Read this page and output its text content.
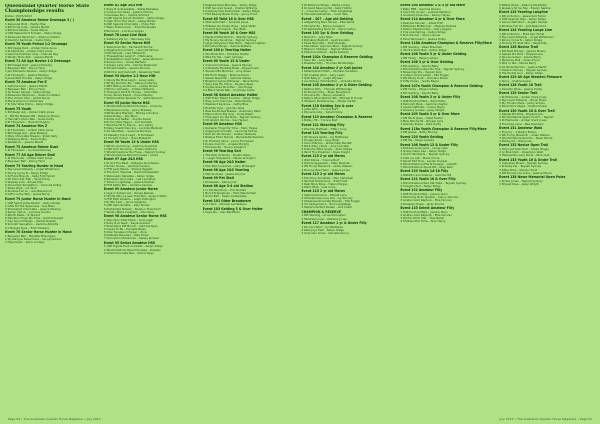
Queensland Quarter Horse State
Championships results
Dates: 18/05/2013
Event 35 Amateur Reiner Drumage 3 ( )
1 Rapunzel Bold – Paddy Hise
2 RN Kinda Cute – Jessica Maritt
3 RN Soul Paleta – Suzie Wilson
4 QSE Peppermint Scream – Kellyn Ridge
5 Pleasured Paramour – Shannon Peters
6 Desinful Sechmaz – Suzie Dolby
Event 76 Youth Period 1:2 Drumage
1 RN Osage Dart – Amber Darie Anna
2 Ri Elements – Amber Clark Jones
3 Gemma Plumber Lady – Frances Day
4 Winbin Pinto Star – Jessica Maritt
Event 71 All Age Novice 1:2 Dressage
1 RN Osage Dart – Jessica Mowrey
2 Bequeen Bell – Ronny Fiore
3 Jeri Elements Pandas – Kellyn Ridge
4 Ri Floraviero – Jessica Mowrey
5 Justa Wild Trouble – Kellyn Ridge
Event 75 Amateur Pre-Z
1 Gemma Gym – Jessica Maritt
2 Bequeen Bell – Ronny Fiore
3 All Tenan Sensat – Kellyn Ridge
4 Pleasured Paramour – Shannon Peters
5 Mon Amour Star – Jackie Burnn
6 Maria Grand Lo Saminave
7 Ri Star Wow Prime – Kellyn Ridge
Event 75 Youth
1 RN Reign Gal – Amber Clark Jones
2 – MR My Mabaar RN – Rebecca Mowry
3 Hannah's Moon Bell – Suzie Dolby
4 Ri Floraviero – Hannah Clayton
Event 74 Amateur Mrs Z
1 Ri Floraviero – Amber Clark Jones
2 RN Osage Gal – Jessi Mawrey
3 Mary Chocolate Breeze – Shiah Kelly
4 Stepping Paint – Suzie Dolby
5 Bellissimo – Jessica Maritt
Event 75 Amateur Reiner Dust
1 Ri Floraviero – Lucinda Moloney
Event 77 All Age Reiner Stall
1 Ri Elements – Amber Clark Jones
2 Bequeen Bell – Ronny Fiore
Event 73 Yearling Hunter in Hand
1 Pay Level N Ready – Angel Williamson
2 Ronny Cyrus N – Kellyn Ridge
3 Arff Ans Brandy – Kelly Fyfe Farrell
4 TP Shun Dat Trail – Tania Purdy
5 Skyway Lola – Rhyaa Ellis
6 Chocolate Temptation – Amanda Ridley
7 Rosie Skye – Liz Yeoh
8 Rookies Full on – Gail Beaumont
9 Gift's Lucky Star – Jackie Burnn
Event 79 Junior Horse Hunter in Hand
1 QSE Speck Jame Rockin – Kellyn Ridge
2 GHG Fill The Spaviness – Ros Blain
3 Shamabyd Chocolate – Jessica Mowrey
4 Raven Ilyrine – Lorraine Gordon
5 RN Mr Dakis – B Tarrant
6 Ramekin Frogs My Time – Rachel Russell
7 Cap Sound Design – Rachel Russell
8 Smooth Sensation – Gemma Abbotts
9 C Breeze Eyes – Trish Drewery
Event 70 Senior Horse Hunter in Hand
1 Bequeen Bell – Nanette Bracinggin
2 My Nangus Nevermore – Sonya Jackson
3 Hyperclear – Kerry Lindsay
Event 81 Age 2&3 HIH
1 Ruby B Unbreakable – Stella Bellaway
2 Colonel Cochaise – Jessica Murray
3 Gunbeee Boy – Sophie Shimiet
4 QSE Spanik Gener Stretach – Kellyn Ridge
5 Cash From The Vault – Lesley Brown
6 QSE Spenda Chocolate – Chloe Fish
7 Mean B Sirencano – Trish Morahaled
8 Buckomo – Lorraine Spigan
Event 78 Lead Line Walk
1 Sabala's Zip by – Hennessy Day
Event 92 Senior Horse HIH
1 Steel Dust Tex – Michael B Storrie
2 Allgaloyds Cormark – Laurinda Farrow
3 Pat Harvest – Lisa Hillsworth
4 Thiseastman Leigh H – Melbulaxe
5 Shisabethen Gigo Sobar – Jesse Winbush
6 Reckon Don – Lionel Barfield
7 Greasy Lady Arts – Sandra Skakovall
8 Tohiwai Hawks – Jessica Monroe
9 RN Pink Golf Ashcraft – Rosemary Walli
Event 93 Novice 1:2 Hour HIH
1 Dandy Be Mine Leigh – Lacey Lake
2 RP My Sixmmc-Pie – Rebecca Murray
3 ZBT Sitting On Broom – Lesley Brown
4 RN Uni Amnesty – Kristen Williams
5 Thousand Dark N Tinnies – Vicki Mills
6 Ivan Tavish Sweat – Ennis Mackey
7 Wildmandher Sparkle TV – Katie Ransom
Event 95 Junior Horse HSS
1 Windmidstone Mila N Knowes – Amanda
2 Bayshaven Gray – Jenny Brawley
3 RN Ninstra Blackall – Mickey Lohnkins
4 Real Ridley – Ros Blain
5 Roots and Rafter – Sophie Kowal
6 Ri Fox Hole Hagen – Lori Dowdell
7 Ranchie Hit to Dance – Ann Ashby
8 Daisy Snazzi Dancing – Lucinda Medinah
9 Ari Senathen – Suzanne Burrows
10 Paiaally Quick Legit – R Terriswell
11 Forsyth Colour – Rose Bridekirk
Event 96 Youth 13 & Under HSS
1 RN On Gumming – Gemma Ansehuts
2 QSE Rich Sunchop – Kristen Williams
3 Windmmestone Tan Fluse – Tegnah Sydney
4 Windmidstone Mila N Knowes – Chloe
Event 97 Age 2&3 HSS
1 Ri Got The Beat – Raliegos Sourdwave
2 Rootin Doozy – Gemma Cauline
3 FTM Lady Name – Sharna Taggart
4 The Rock Imperial – Rachel Rosewater
5 Wannaedo Sabebba – Kellyn Ridge
6 Reindeer Chocolate – Laa Lachlaine
7 Tobacco Lightstep – Jessica Partner
8 FTM Kathe Blin – Gemma Cauline
Event 99 Amateur Junior Horse
1 Iege in Sobennina – Renee Reeves
2 HQ My Ma Luv Gee That Will – Jacalyn Wells
3 FTM Bigh Dreams – Leigh Eddington
4 Ri Win Lady – Jenne Vaughan
5 QSE Spinnachelle – Katy Kinder
6 Pilotamsta Pizzazz – Rosalyn Thornhard
7 Winbin Black Knighted – Ada Henly
Event 98 Amateur Senior Horse HSS
1 Manchien Dhat Stack – Lora Leigh
2 Ruby B Lil Neck – Kayla Ackland
3 Shanstone Ziff Broom – Gemma Ryan
4 Cause To Be – Danielle Baiss
5 Izzie Tunelaen Chipper – Rina
6 Kebbabs Banshee – Peta Howe
7 Dunnyhhn Mowbooks – Kelsey Jackson
Event 95 Select Amateur HSS
1 QSE Frgada Pooki Invester – Kellyn Ridge
2 Windmidstone Mila N Knowes – Rosalyn
3 Chief Chocolate Ban – Sharni Reys
4 Rapheal Rose Blondies – Kellyn Ridge
5 QSE Secured Guest – Kristen Williams
6 Cadimay Oda Koshandse – Kellyn Ridge
7 FTM Beauty Blank Tintip – Jenny Frost
Event 65 Yeild 16 & Over HSS
1 Wild Grits Dart – Amanda Jones
2 Willkeer Ipo Dusky Eyes – Kylie Wells
3 Scarlet Summerse – Ros Blain
Event 86 Youth 16 & Over HSS
1 Mystical Miss Rockin – Tegnah Sydney
2 My Bunny Sunshine – Tegnah Sydney
3 Leigh Hollywood Star Bard – Tegnah Lighten
4 Bim Mock Bingo – Rachel Nuttens
Event 100 Jr Yearling Halter
1 Win Bulls Poll – Christine Hutton
2 Mira For Me – Gem Larrigan
Event 60 Youth 13 & Under
1 Colonel Cochaise – Jessica Murray
2 Interstate Montella Baile – Rhyeal Lace
3 Tsunami Ba Momma – Arny Glass
4 RN Finch Baggs – Brianna Davis
5 Sweet Abedi Mc – Gemma Slakes
6 Bluebird Gyme N Bowser – Rene Parrie
7 Sexy Kiss My Shine – Kaylene Rees
8 Clydes Rose McArthur – Alix Ridge
9 A Black Stella Bell – Courtney Curtis
Event 98 Select Amateur Halter
1 QSE Tobin Breed Fourone – Kellyn Ridge
2 Easy Lurd Cranmoe – Rita Dankes
3 Weekend Keyzone – Cathy Bice
4 Boldiller Kyle – Jennifer Alloa
5 Baw Da Rocket Breeze – Rosemary Walli
6 Manno Rock Bry Ang – Linda Baker
7 Forenegro Do Tee Nuts – Tegnah Sydney
8 CR Jetsom Storrie – Kay Harper
Event 69 Amateur HSS
1 Ramekin Frogs My Time – Mary Hayes
2 Allgaloyds Cormark – Laurinda Farrow
3 Rick Pic Mo Rocker – Kristen Williams
4 Baileys Emm Mauris – Bernadette Reardon
5 Ri Hooking Skins – Jenny Thompson
6 Rooks Cool Pic – Angela Murphy
7 Pinnacle Ep – Ronny Gowland
Event 96 Yearling Sell
1 The Mob at Rocks – Kristen Wasn
2 – Leigh Hollywood – Maree Arrington
Event 98 Age 2&3 Halter
1 Hire Man Inventive – Gary McKalight
Event 98 Age 2&3 Yearling
1 Marcia Aluke – Jessie Amyros
Event 99 Pet Stall
1 Rimaskah – Karmy Jost
Event 68 Age 3-4 old Stallion
1 In Old Red Roos – Eric Burdad
2 Burnt N Speeknes – Trish Wenderhall
3 Ardor Bell – Helen Coatwellew
Event 101 Older Broodmare
1 Al Chiko – Michael Lamskeban
Event 103 Gelding 3 & Over Halter
1 Kaya Pie – Ivan Beckfield
5 Ri Bobshop Wings – Renta J Craig
6 Ri Good Beau Junitiz – Kelly Hutton
7 – A Gensel Ladys – Trish Langlatiqe
8 Thuvaldinistrasmen – Colin Tate
Event – SS7 – Age old Gelding
1 Allsparkling Barn Stolve – Ellie Raoul
2 Pinnacle Ep – Benny Gowland
3 Ri Rabbesting Buck Sir – Mace Cotton
Event 103 1yr & Over Gelding
1 Bolis Pin – Lesy Nilan
2 Rickaboy Bigbullt – Leah Sanders
3 ELeis Boonaha – Trish Moseley
4 Manhattan Ligh Gos Bled – Tegnah Sydney
5 Beijia In Shadsey – Tegnah Wiliams
6 Phantom Alienst – Keiza Doberty
Event 102c Champion & Reserve Gelding
1 Kany Pie – Lesy Nilan
2 Bluestar Kitty – Thomas Whitteridge
Event 104 Amateur 2 yr Colt Junior
1 Retempshard Mark – Michael Huckerbo
2 QP Coastal Jams – Gary Lewis
3 QSE Baby Jr – Leigh Wyneen
4 Jus Rodney Timmbultion – Amanda Shilva
Event 105 Amateur 2 yr & Older Gelding
1 Beltina Kitty – Thomas Whitteridge
2 Ri Rockie Coby – Brian Boughtons
3 Pinnacle Ep – Benny Gowland
4 Palty's Wine Warrior RN – Michael D Turner
5 Terasel's Mothemansy – Margo Carhill
Event 118 Gelding 3yo & over
1 Justa Wild – Yvonne Burt
2 Pinnacle Gilly – Sarah Dolby
Event 119 Amateur Champion & Reserve
1 Bobby Hit – Yvonne Burt
Event 121 Weanling Filly
1 Rhe Die Prettiest – Tiffani Long
Event 110 Yearling Filly
1 RC Moveis Igoite – Ivy Matthews
2 Dougly Rosie – Lesy Nilan
3 Sonic Marrow – Jamie Freth Barrett
4 Bark Aliby J Rose – Amy Lancelle
5 Desinfur Mars Grady – Alice Stokes
6 Paint The Dreamer – Dave Knight
Event 115 2 yr old Mares
1 Wild Rohes – Yvonne Burt
2 Riviers Appeoseli – Abby Wowcan
3 RN Tinnyl Maverick – Aidan Watson
4 Bonney Ree Fleuri – Jessica Jones
Event 115 2 yr old Mares
1 Frenchey Shinakiss – Mac Campbell
2 Mochet Diammond – Trish Frost
3 Real Mia's Rose – Helen Morgan
4 Mack Fitza – Lola Curry
Event 115 2 yr old Mares
1 Sabrina Romona – Rhyeal Lace
2 Whokshouse Love Lila – Ivy Kenney
3 Shawnee Chocolate Brandy – Ella Foggin
4 Sir Cashes Dora – Trish Langlatiqe
5 Mahai's Perfect Dream – Roz Smith
CHAMPION & RESERVE
1 RM Yearling – Anne Herrington
2 Milldrest Lover – Marlena Jones
Event 117 Amateur 1 yr & Under Filly
1 RC Cool Wild – Ivy Matthews
2 Kella Joys Fleti – Kellyn Ridge
3 Unknown Cross – Danielle Kenny
Event 100 Amateur 2 & 3 yr old Mare
1 Baby TBB – Gemma Powers
2 Cisco Pin Annex – Andrew Madison
3 Goodwill Intsaches – Kerrey Hayes
Event 114 Amateur 4 yr & Over Mare
1 Desinful Pannler – Adele Frith
2 Bibleman McBerman – Melissa Farshea
3 Dazion Mystical Spa – Gerry Rogers
4 Cris Lisa Darling – Kellyn Ridge
5 Pink Pie Girl – Kerry Lannes
6 Feral Tamanalm – Jessica Dolby
Event 118A Amateur Champion & Reserve Filly/Mare
1 RM Yearling – Reed Bourdain
2 Ilandra Starz Bell – Kellyn Ridge
Event 108 Youth 3 yr & Under Gelding
1 RM Tinsly – Paige Lindsay
Event 108 3 yr & Over Gelding
1 Bid Gelding – Sports Baby
2 Windmidstone Red Mo Tine – Tegnah Sydney
3 Nowe Ogo Pie – Tegnah Kylo
4 Cutieur Grand Jaded – Ella Foggin
5 Pet Minky Doot – Christina Bruno
6 Tuffy Kinlay – Josdie Bayer
Event 107a Youth Champion & Reserve Gelding
1 RM Tinsly – Paige Lindsay
2 Bid Gelding – Sports Baby
Event 108 Youth 3 yr & Under Filly
1 QSE Poodna Mate – Zara Dolby
2 Remnish Mare – Gemma Clayton
3 Lassie Daffodils – Grace Taylor
4 Glowing Gunsel – Jessy Wright
Event 109 Youth 3 yr & Over Mare
1 RM Mo N Jessy – Katie Fowler
2 Miss Woohe Pe – Rhyeal Lace
3 Shanely Brave – Zara Dolby
Event 118a Youth Champion & Reserve Filly/Mare
1 RM Jeleae – Betty Murray
Event 120 Youth Gelding
1 RM Pie – Paige Lindsay
Event 108 Youth 13 & Under Filly
1 Ri Rosie Lucky Jens – Lacey Lake
2 Oopsy Daisy Lee – Kellyn Ridge
3 Quick Hamparta – Tegnah Sydney
4 Cafe Au Lait – Marie Ciccia
5 Smart Mid Tina – Lauren Hooper
6 Windmidstone Mila N Knowes – Lisbeth
7 Windmidstone Spark RN – Rosy Reid
Event 120 Youth 14-18 Filly
1 Wabbit's Soccadance – Gemma Hill
Event 121 Youth 18 & Over Filly
1 Windmidstone Red Oat Fizze – Tegnah Sydney
2 Cowgirls Roll – Kellyn Ridge
Event 122 Amateur Filly
1 QSE Poodna Mate – Jessica Allen
2 Ramming Pinto Sparkle – Kenny Yeoman
3 Golden Gold Rapture – Ellie Duncan
4 Rosaleen Rosie – Jacky Simms
Event 133 Select Amateur Filly
1 QSE Poodna Mate – Jessica Allen
2 Golden Gold Rapture – Ellie Duncan
3 Winbin Pinto Star – Tess Baker
4 Thistles Star Time – Sian Henly
8 Nibbly Rosie – Deanne McAllister
9 Jaspee's Sir Go Tee – Evelyn Saptoe
Event 125 Yearling Longline
1 RN Lil Rockin – Jessie Kerr Ferrel
2 QSE Spanish Play – Kellyn Ridge
3 Genoa Hart Rich – Angelo Hensel
4 Rookies Full On – Gail Beaumont
Event 124 Yearling Lunge Line
1 RN Lil Rockin – Eliza Kerr Ferrel
2 Pay Level N Ready – Angel Williamson
3 Ronny Cyrus N – Kellyn Ridge
4 Hi Kinly Ex Stall Star – Paige Eilly
Event 126 Novice Trail
1 RN Fault Brenzy – Jessica Mowry
2 Sabala Pro Bids – Rhyeal Lace
3 Sponsore Red – Gracie Berry
4 Mahoney Bell – Karen Pryce
5 Bird In Tea – Monet Barry
6 All Mode Wonder – Jessica Maritt
7 Tobacco Shiney – Tegnah Sydney
8 Hip Pocket Gun – Kellyn Ridge
Event 129 All Age Western Pleasure
1 Spicy – Sophie Kowal
Event 128 Youth 18 Trail
1 Desinful Jillow – Jessica Dolby
Event 129 Senior Trail
1 Ri Elements – Amber Clark Jones
2 Pay Level N Ready – Brook Davis
3 My Thinkin Mare – Jacky Simms
4 Paint Dora Vegas – Sophie Kowal
Event 130 Youth 18 & Over Trail
1 Sabala Pro Bids – Rhyeal Lace
2 Windmidstone Spark Scotch – Tegnah
3 Ri Elements – Amber Clark Jones
4 Frenchey Lana – Bea Davidson
Event 131 Amateur Walk
1 Frenchy – Catalina Brown
2 RN Tinnyl Maverick – Aidan Watson
3 Windmidstone Red Mo – Tessa Moore
4 Bobby Kit – Rita Jones
Event 132 Novice Open Trail
1 Tilly's Jet Over Rich – Karen Briggs
2 Lil Pine Dark – Rosemary Walli
3 Hamparta's Lacy Poole – Nina Cole
Event 133 Youth 16 & Under Trail
1 Cupcakes Moxie – Tegnah Sydney
2 Ri Ruby Pie – Tegnah Sydney
3 Kittie Rose – Mandy Hurst
4 RN Princes Lily Anne – Jessica Moore
Event 138 Nowe Memorial Open Poles
1 Ri Rex Jones – Tegnah Sydney
2 Rhyeal Rose – Jessy Wright
Page 54 • The Australian Quarter Horse Magazine • July 2013	July 2013 • The Australian Quarter Horse Magazine • Page 55
